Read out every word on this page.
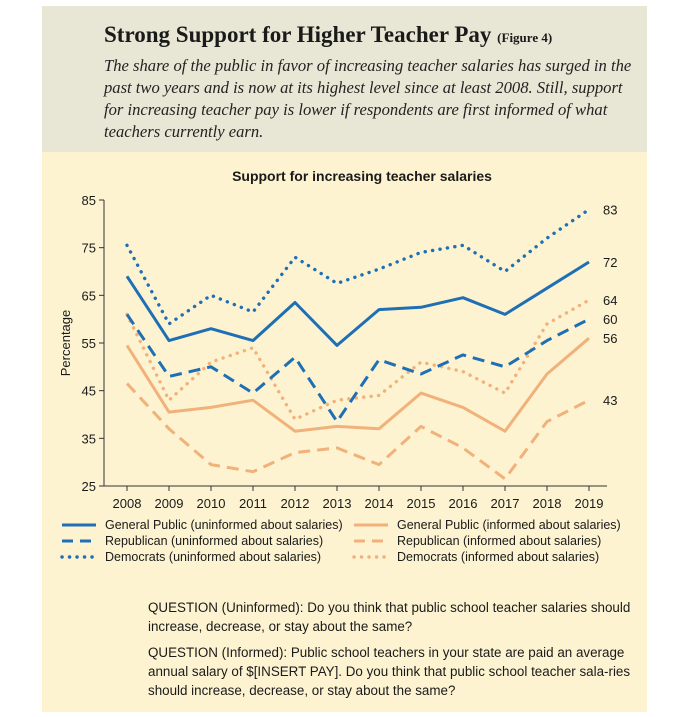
Strong Support for Higher Teacher Pay (Figure 4)
The share of the public in favor of increasing teacher salaries has surged in the past two years and is now at its highest level since at least 2008. Still, support for increasing teacher pay is lower if respondents are first informed of what teachers currently earn.
Support for increasing teacher salaries
Percentage
25
35
45
55
65
75
85
2008 2009 2010 2011 2012 2013 2014 2015 2016 2017 2018 2019
72
60
83
56
43
64
General Public (uninformed about salaries)
Republican (uninformed about salaries)
Democrats (uninformed about salaries)
General Public (informed about salaries)
Republican (informed about salaries)
Democrats (informed about salaries)
QUESTION (Uninformed): Do you think that public school teacher salaries should increase, decrease, or stay about the same?
QUESTION (Informed): Public school teachers in your state are paid an average annual salary of $[INSERT PAY]. Do you think that public school teacher sala-ries should increase, decrease, or stay about the same?
